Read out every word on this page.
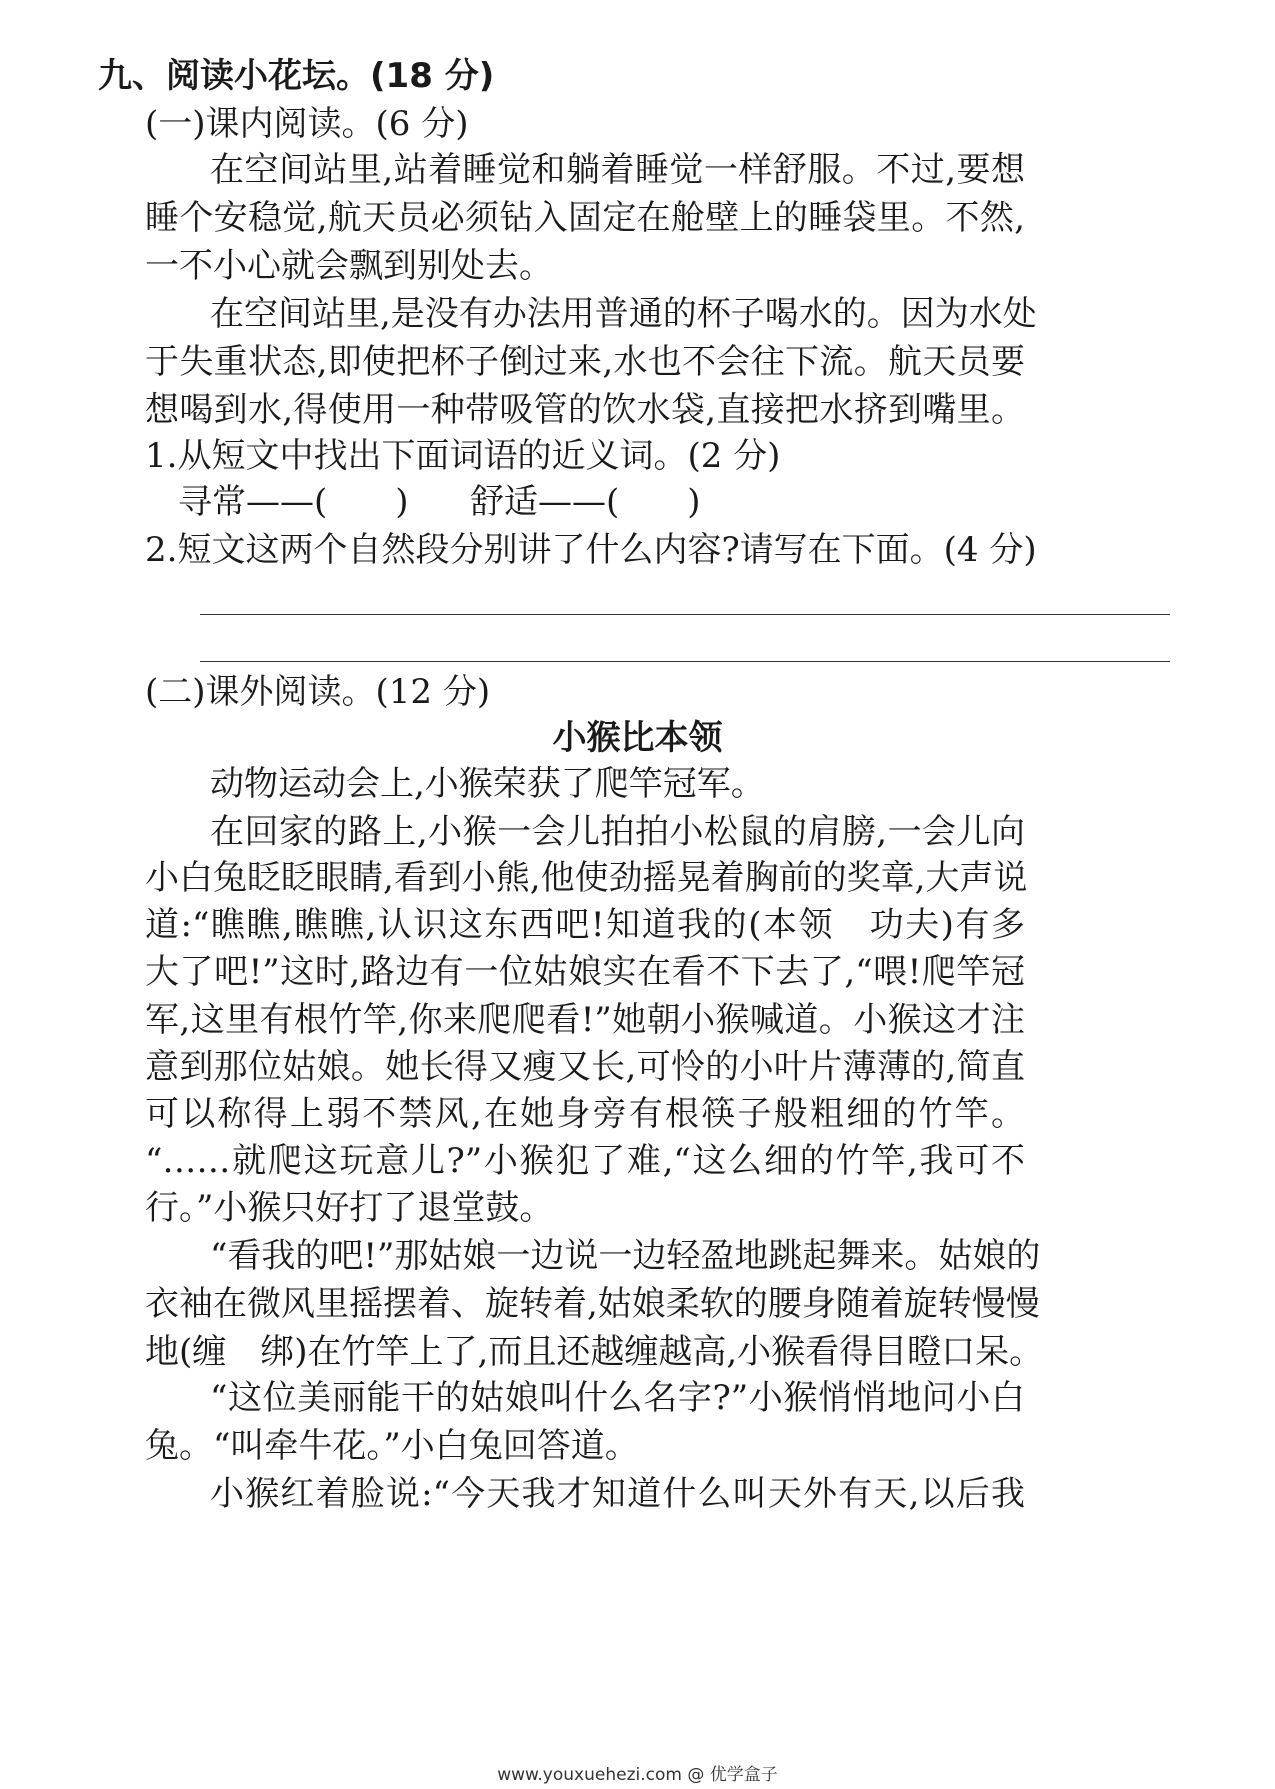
九、阅读小花坛。(18 分)
(一)课内阅读。(6 分)
在空间站里,站着睡觉和躺着睡觉一样舒服。不过,要想
睡个安稳觉,航天员必须钻入固定在舱壁上的睡袋里。不然,
一不小心就会飘到别处去。
在空间站里,是没有办法用普通的杯子喝水的。因为水处
于失重状态,即使把杯子倒过来,水也不会往下流。航天员要
想喝到水,得使用一种带吸管的饮水袋,直接把水挤到嘴里。
1.从短文中找出下面词语的近义词。(2 分)
寻常——(　　) 舒适——(　　)
2.短文这两个自然段分别讲了什么内容?请写在下面。(4 分)
(二)课外阅读。(12 分)
小猴比本领
动物运动会上,小猴荣获了爬竿冠军。
在回家的路上,小猴一会儿拍拍小松鼠的肩膀,一会儿向
小白兔眨眨眼睛,看到小熊,他使劲摇晃着胸前的奖章,大声说
道:“瞧瞧,瞧瞧,认识这东西吧!知道我的(本领　功夫)有多
大了吧!”这时,路边有一位姑娘实在看不下去了,“喂!爬竿冠
军,这里有根竹竿,你来爬爬看!”她朝小猴喊道。小猴这才注
意到那位姑娘。她长得又瘦又长,可怜的小叶片薄薄的,简直
可以称得上弱不禁风,在她身旁有根筷子般粗细的竹竿。
“……就爬这玩意儿?”小猴犯了难,“这么细的竹竿,我可不
行。”小猴只好打了退堂鼓。
“看我的吧!”那姑娘一边说一边轻盈地跳起舞来。姑娘的
衣袖在微风里摇摆着、旋转着,姑娘柔软的腰身随着旋转慢慢
地(缠　绑)在竹竿上了,而且还越缠越高,小猴看得目瞪口呆。
“这位美丽能干的姑娘叫什么名字?”小猴悄悄地问小白
兔。“叫牵牛花。”小白兔回答道。
小猴红着脸说:“今天我才知道什么叫天外有天,以后我
www.youxuehezi.com @ 优学盒子
